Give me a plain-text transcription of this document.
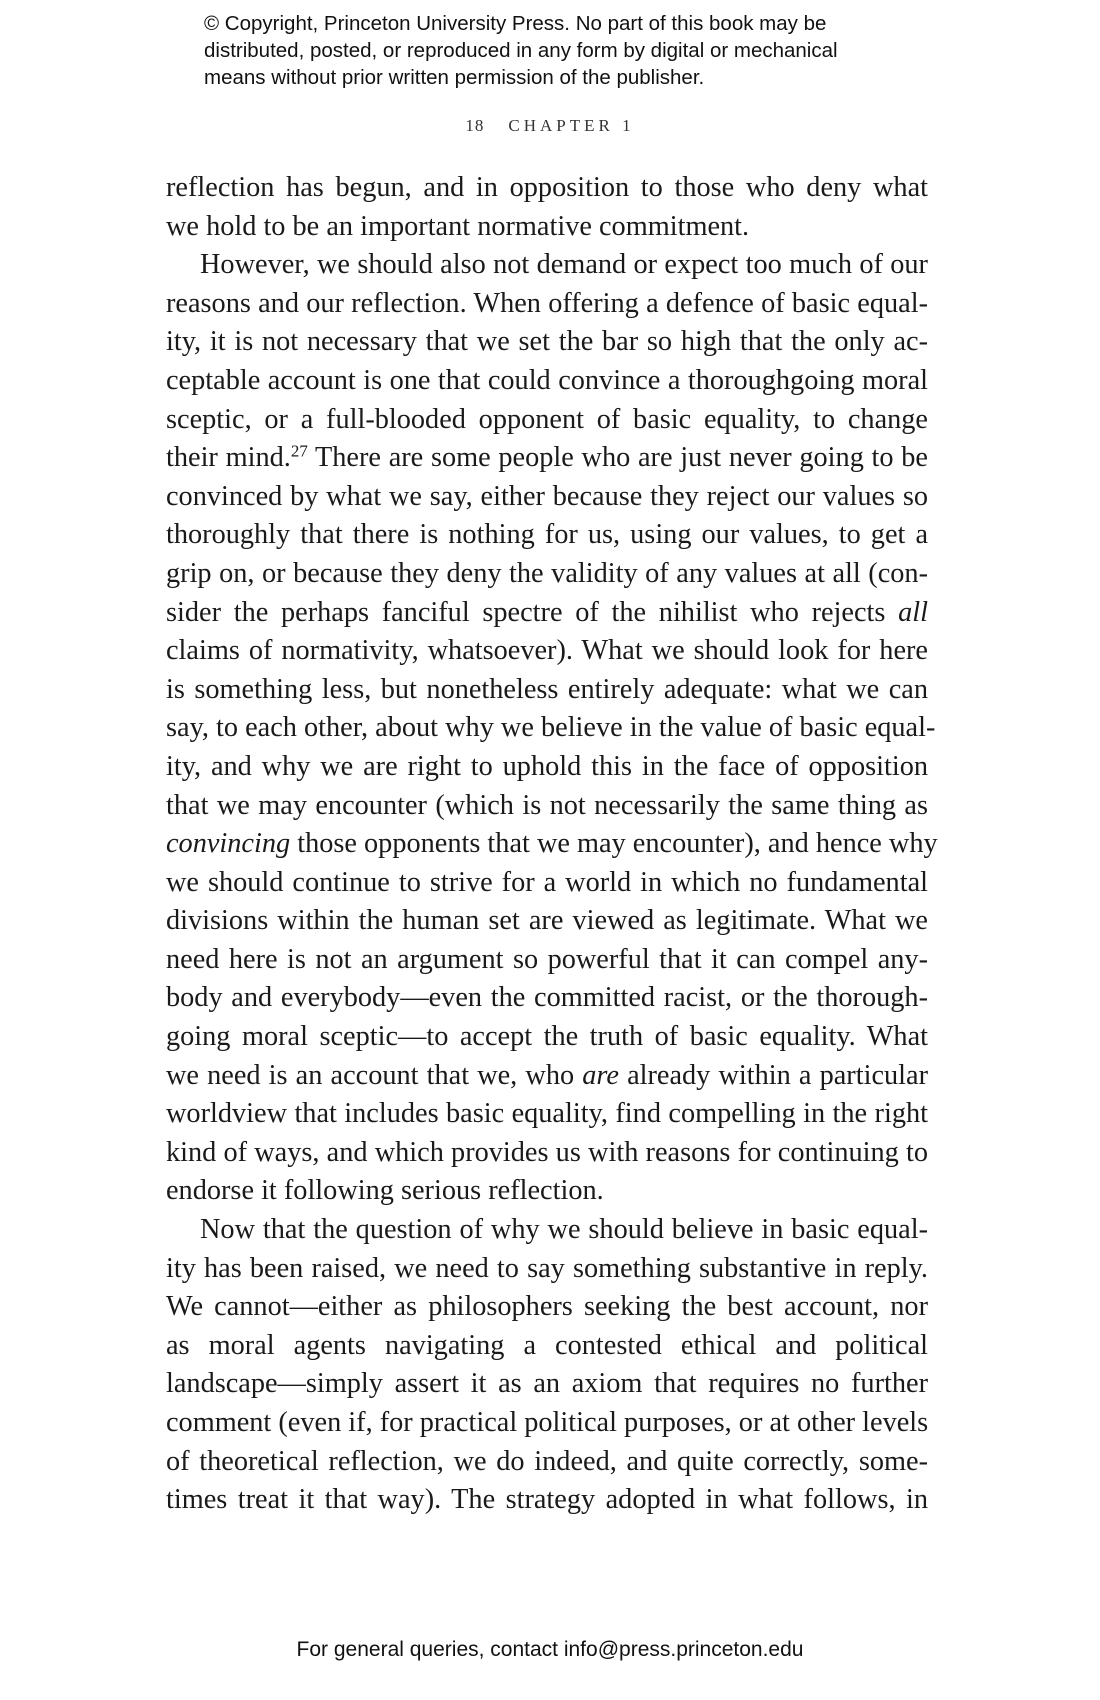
© Copyright, Princeton University Press. No part of this book may be
distributed, posted, or reproduced in any form by digital or mechanical
means without prior written permission of the publisher.
18 CHAPTER 1
reflection has begun, and in opposition to those who deny what
we hold to be an important normative commitment.
However, we should also not demand or expect too much of our
reasons and our reflection. When offering a defence of basic equal-
ity, it is not necessary that we set the bar so high that the only ac-
ceptable account is one that could convince a thoroughgoing moral
sceptic, or a full-blooded opponent of basic equality, to change
their mind.$^{27}$ There are some people who are just never going to be
convinced by what we say, either because they reject our values so
thoroughly that there is nothing for us, using our values, to get a
grip on, or because they deny the validity of any values at all (con-
sider the perhaps fanciful spectre of the nihilist who rejects all
claims of normativity, whatsoever). What we should look for here
is something less, but nonetheless entirely adequate: what we can
say, to each other, about why we believe in the value of basic equal-
ity, and why we are right to uphold this in the face of opposition
that we may encounter (which is not necessarily the same thing as
convincing those opponents that we may encounter), and hence why
we should continue to strive for a world in which no fundamental
divisions within the human set are viewed as legitimate. What we
need here is not an argument so powerful that it can compel any-
body and everybody—even the committed racist, or the thorough-
going moral sceptic—to accept the truth of basic equality. What
we need is an account that we, who are already within a particular
worldview that includes basic equality, find compelling in the right
kind of ways, and which provides us with reasons for continuing to
endorse it following serious reflection.
Now that the question of why we should believe in basic equal-
ity has been raised, we need to say something substantive in reply.
We cannot—either as philosophers seeking the best account, nor
as moral agents navigating a contested ethical and political
landscape—simply assert it as an axiom that requires no further
comment (even if, for practical political purposes, or at other levels
of theoretical reflection, we do indeed, and quite correctly, some-
times treat it that way). The strategy adopted in what follows, in
For general queries, contact info@press.princeton.edu
